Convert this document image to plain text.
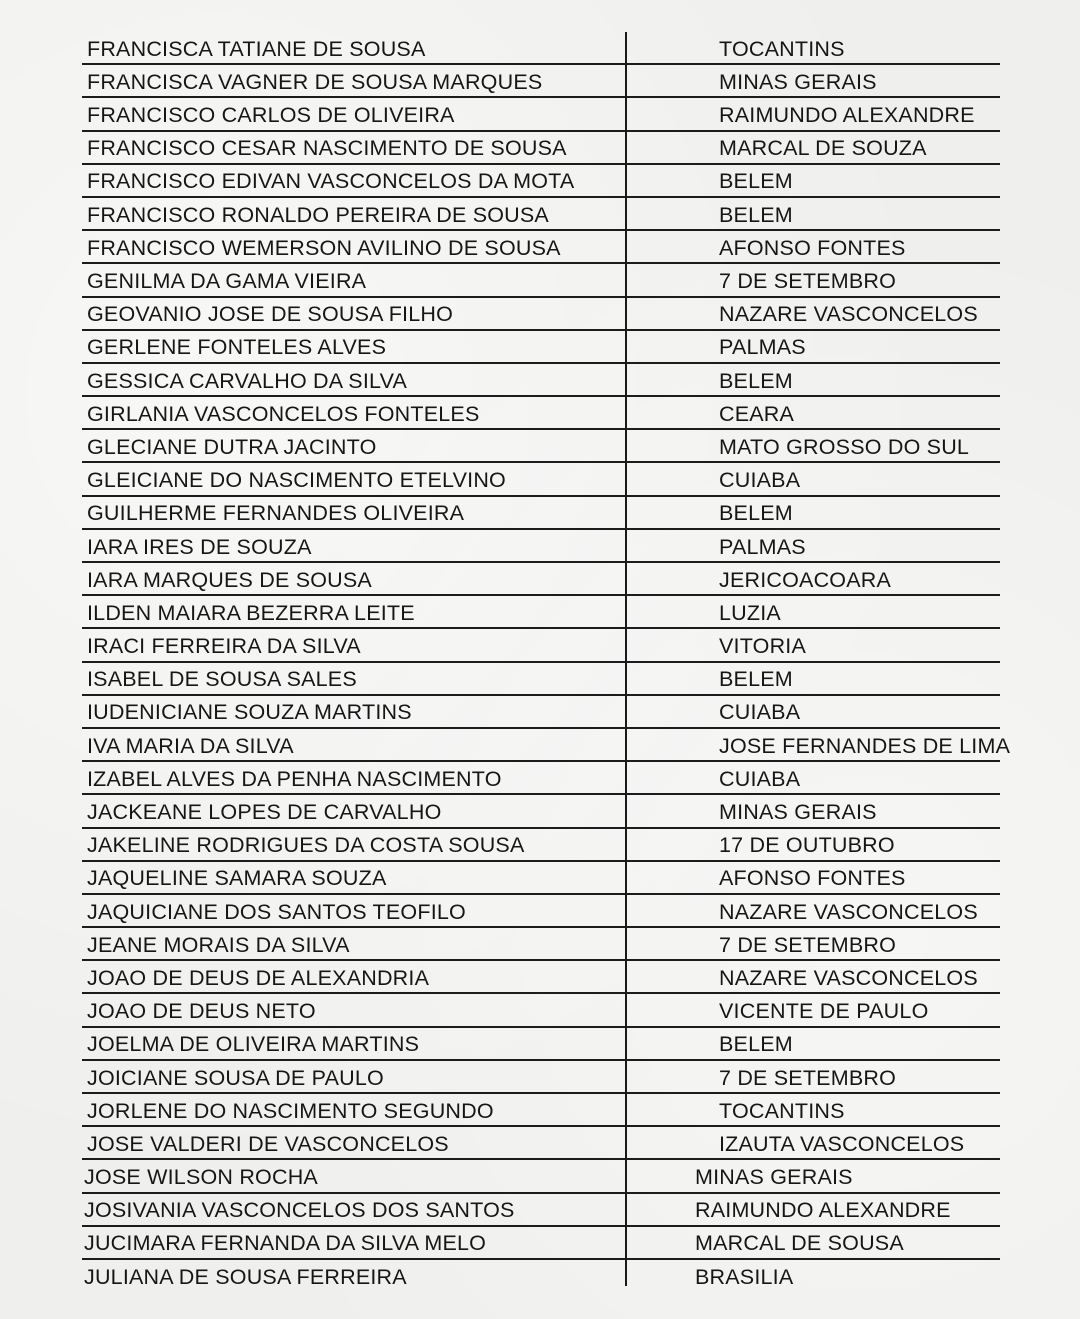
FRANCISCA TATIANE DE SOUSA	TOCANTINS
FRANCISCA VAGNER DE SOUSA MARQUES	MINAS GERAIS
FRANCISCO CARLOS DE OLIVEIRA	RAIMUNDO ALEXANDRE
FRANCISCO CESAR NASCIMENTO DE SOUSA	MARCAL DE SOUZA
FRANCISCO EDIVAN VASCONCELOS DA MOTA	BELEM
FRANCISCO RONALDO PEREIRA DE SOUSA	BELEM
FRANCISCO WEMERSON AVILINO DE SOUSA	AFONSO FONTES
GENILMA DA GAMA VIEIRA	7 DE SETEMBRO
GEOVANIO JOSE DE SOUSA FILHO	NAZARE VASCONCELOS
GERLENE FONTELES ALVES	PALMAS
GESSICA CARVALHO DA SILVA	BELEM
GIRLANIA VASCONCELOS FONTELES	CEARA
GLECIANE DUTRA JACINTO	MATO GROSSO DO SUL
GLEICIANE DO NASCIMENTO ETELVINO	CUIABA
GUILHERME FERNANDES OLIVEIRA	BELEM
IARA IRES DE SOUZA	PALMAS
IARA MARQUES DE SOUSA	JERICOACOARA
ILDEN MAIARA BEZERRA LEITE	LUZIA
IRACI FERREIRA DA SILVA	VITORIA
ISABEL DE SOUSA SALES	BELEM
IUDENICIANE SOUZA MARTINS	CUIABA
IVA MARIA DA SILVA	JOSE FERNANDES DE LIMA
IZABEL ALVES DA PENHA NASCIMENTO	CUIABA
JACKEANE LOPES DE CARVALHO	MINAS GERAIS
JAKELINE RODRIGUES DA COSTA SOUSA	17 DE OUTUBRO
JAQUELINE SAMARA SOUZA	AFONSO FONTES
JAQUICIANE DOS SANTOS TEOFILO	NAZARE VASCONCELOS
JEANE MORAIS DA SILVA	7 DE SETEMBRO
JOAO DE DEUS DE ALEXANDRIA	NAZARE VASCONCELOS
JOAO DE DEUS NETO	VICENTE DE PAULO
JOELMA DE OLIVEIRA MARTINS	BELEM
JOICIANE SOUSA DE PAULO	7 DE SETEMBRO
JORLENE DO NASCIMENTO SEGUNDO	TOCANTINS
JOSE VALDERI DE VASCONCELOS	IZAUTA VASCONCELOS
JOSE WILSON ROCHA	MINAS GERAIS
JOSIVANIA VASCONCELOS DOS SANTOS	RAIMUNDO ALEXANDRE
JUCIMARA FERNANDA DA SILVA MELO	MARCAL DE SOUSA
JULIANA DE SOUSA FERREIRA	BRASILIA
